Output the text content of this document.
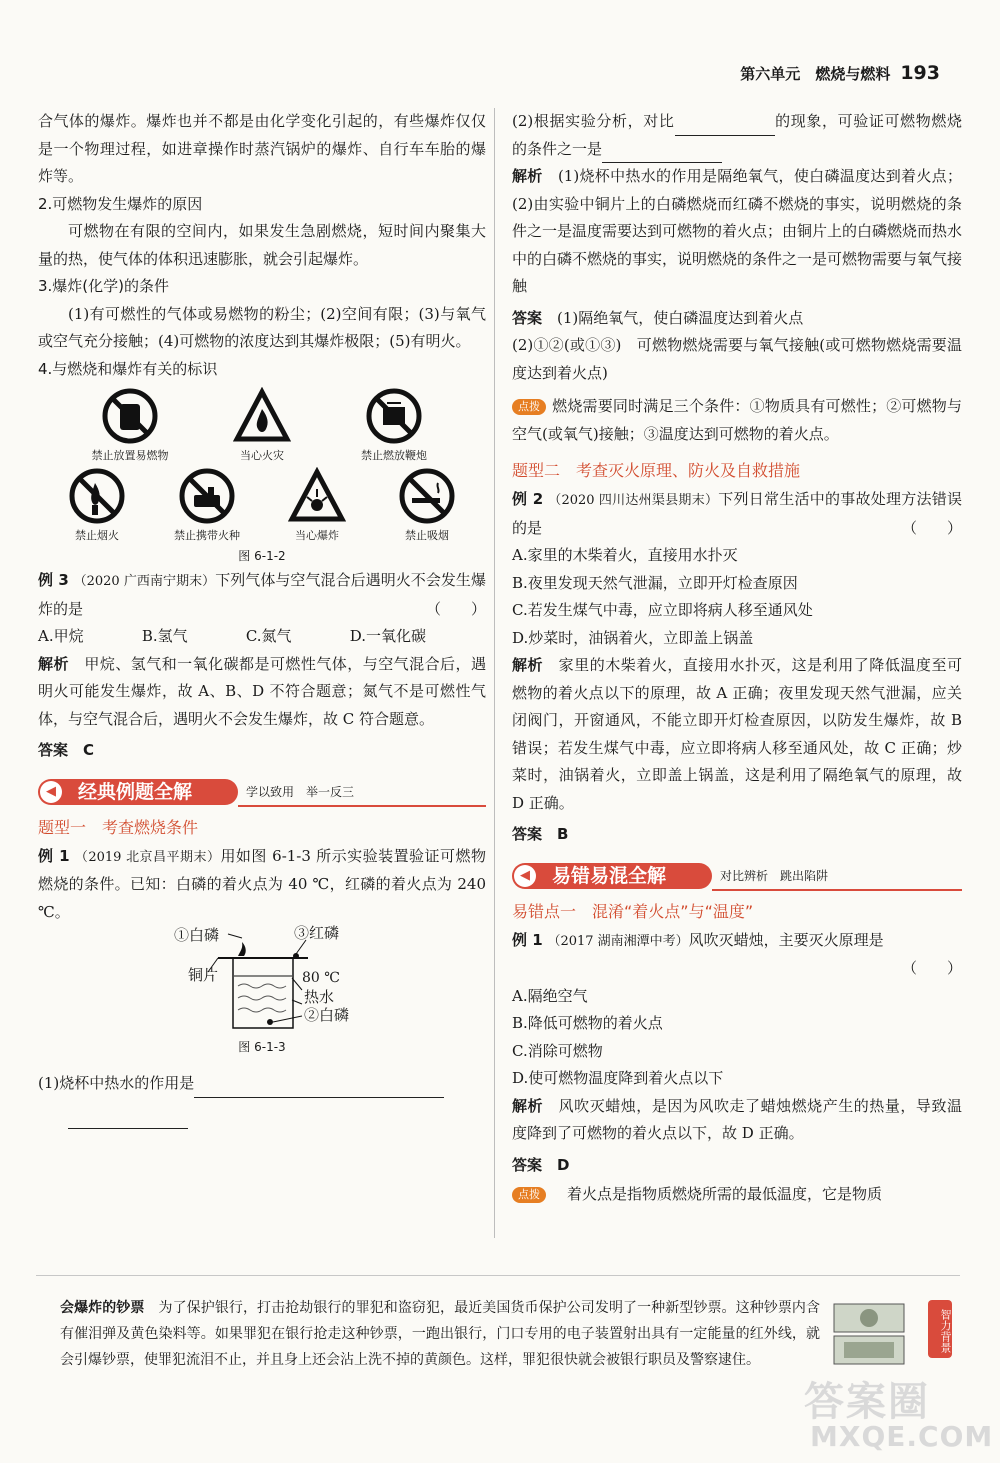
第六单元　 燃烧与燃料 193

合气体的爆炸。爆炸也并不都是由化学变化引起的，有些爆炸仅仅是一个物理过程，如进章操作时蒸汽锅炉的爆炸、自行车车胎的爆炸等。

2.可燃物发生爆炸的原因

可燃物在有限的空间内，如果发生急剧燃烧，短时间内聚集大量的热，使气体的体积迅速膨胀，就会引起爆炸。

3.爆炸(化学)的条件

(1)有可燃性的气体或易燃物的粉尘；(2)空间有限；(3)与氧气或空气充分接触；(4)可燃物的浓度达到其爆炸极限；(5)有明火。

4.与燃烧和爆炸有关的标识

禁止放置易燃物	当心火灾	禁止燃放鞭炮
禁止烟火	禁止携带火种	当心爆炸	禁止吸烟
图 6-1-2

例 3 （2020 广西南宁期末）下列气体与空气混合后遇明火不会发生爆炸的是	（　　）

A.甲烷	B.氢气	C.氮气	D.一氧化碳

解析　 甲烷、氢气和一氧化碳都是可燃性气体，与空气混合后，遇明火可能发生爆炸，故 A、B、D 不符合题意；氮气不是可燃性气体，与空气混合后，遇明火不会发生爆炸，故 C 符合题意。

答案　 C

◀	经典例题全解	学以致用　举一反三
题型一　考查燃烧条件

例 1 （2019 北京昌平期末）用如图 6-1-3 所示实验装置验证可燃物燃烧的条件。已知：白磷的着火点为 40 ℃，红磷的着火点为 240 ℃。

①白磷	③红磷
铜片	80 ℃
热水
②白磷
图 6-1-3

(1)烧杯中热水的作用是

(2)根据实验分析，对比	的现象，可验证可燃物燃烧的条件之一是

解析　 (1)烧杯中热水的作用是隔绝氧气，使白磷温度达到着火点；(2)由实验中铜片上的白磷燃烧而红磷不燃烧的事实，说明燃烧的条件之一是温度需要达到可燃物的着火点；由铜片上的白磷燃烧而热水中的白磷不燃烧的事实，说明燃烧的条件之一是可燃物需要与氧气接触

答案　 (1)隔绝氧气，使白磷温度达到着火点

(2)①②(或①③)　可燃物燃烧需要与氧气接触(或可燃物燃烧需要温度达到着火点)

点拨 燃烧需要同时满足三个条件：①物质具有可燃性；②可燃物与空气(或氧气)接触；③温度达到可燃物的着火点。

题型二　考查灭火原理、防火及自救措施

例 2 （2020 四川达州渠县期末）下列日常生活中的事故处理方法错误的是	（　　）

A.家里的木柴着火，直接用水扑灭

B.夜里发现天然气泄漏，立即开灯检查原因

C.若发生煤气中毒，应立即将病人移至通风处

D.炒菜时，油锅着火，立即盖上锅盖

解析　 家里的木柴着火，直接用水扑灭，这是利用了降低温度至可燃物的着火点以下的原理，故 A 正确；夜里发现天然气泄漏，应关闭阀门，开窗通风，不能立即开灯检查原因，以防发生爆炸，故 B 错误；若发生煤气中毒，应立即将病人移至通风处，故 C 正确；炒菜时，油锅着火，立即盖上锅盖，这是利用了隔绝氧气的原理，故 D 正确。

答案　 B

◀	易错易混全解	对比辨析　跳出陷阱
易错点一　混淆“着火点”与“温度”

例 1 （2017 湖南湘潭中考）风吹灭蜡烛，主要灭火原理是

（　　）

A.隔绝空气

B.降低可燃物的着火点

C.消除可燃物

D.使可燃物温度降到着火点以下

解析　 风吹灭蜡烛，是因为风吹走了蜡烛燃烧产生的热量，导致温度降到了可燃物的着火点以下，故 D 正确。

答案　 D

点拨　 着火点是指物质燃烧所需的最低温度，它是物质

会爆炸的钞票　 为了保护银行，打击抢劫银行的罪犯和盗窃犯，最近美国货币保护公司发明了一种新型钞票。这种钞票内含有催泪弹及黄色染料等。如果罪犯在银行抢走这种钞票，一跑出银行，门口专用的电子装置射出具有一定能量的红外线，就会引爆钞票，使罪犯流泪不止，并且身上还会沾上洗不掉的黄颜色。这样，罪犯很快就会被银行职员及警察逮住。

智力背景
答案圈
MXQE.COM
